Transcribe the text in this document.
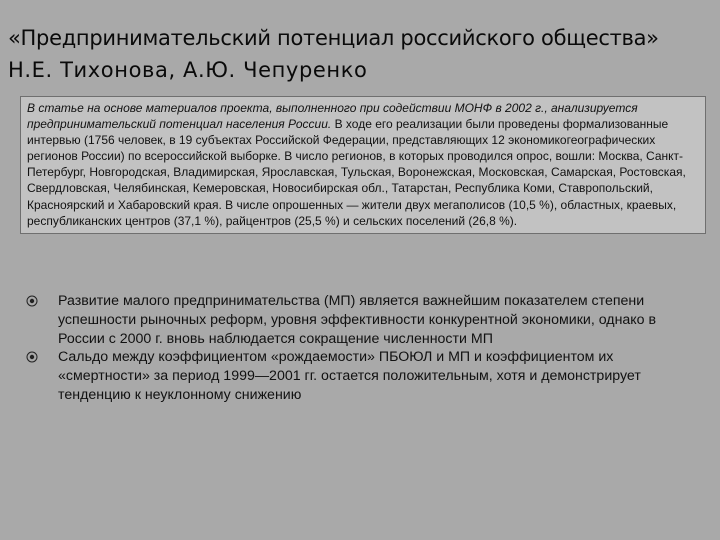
«Предпринимательский потенциал российского общества»
Н.Е. Тихонова, А.Ю. Чепуренко
В статье на основе материалов проекта, выполненного при содействии МОНФ в 2002 г., анализируется предпринимательский потенциал населения России. В ходе его реализации были проведены формализованные интервью (1756 человек, в 19 субъектах Российской Федерации, представляющих 12 экономикогеографических регионов России) по всероссийской выборке. В число регионов, в которых проводился опрос, вошли: Москва, Санкт-Петербург, Новгородская, Владимирская, Ярославская, Тульская, Воронежская, Московская, Самарская, Ростовская, Свердловская, Челябинская, Кемеровская, Новосибирская обл., Татарстан, Республика Коми, Ставропольский, Красноярский и Хабаровский края. В числе опрошенных — жители двух мегаполисов (10,5 %), областных, краевых, республиканских центров (37,1 %), райцентров (25,5 %) и сельских поселений (26,8 %).
Развитие малого предпринимательства (МП) является важнейшим показателем степени успешности рыночных реформ, уровня эффективности конкурентной экономики, однако в России с 2000 г. вновь наблюдается сокращение численности МП
Сальдо между коэффициентом «рождаемости» ПБОЮЛ и МП и коэффициентом их «смертности» за период 1999—2001 гг. остается положительным, хотя и демонстрирует тенденцию к неуклонному снижению
